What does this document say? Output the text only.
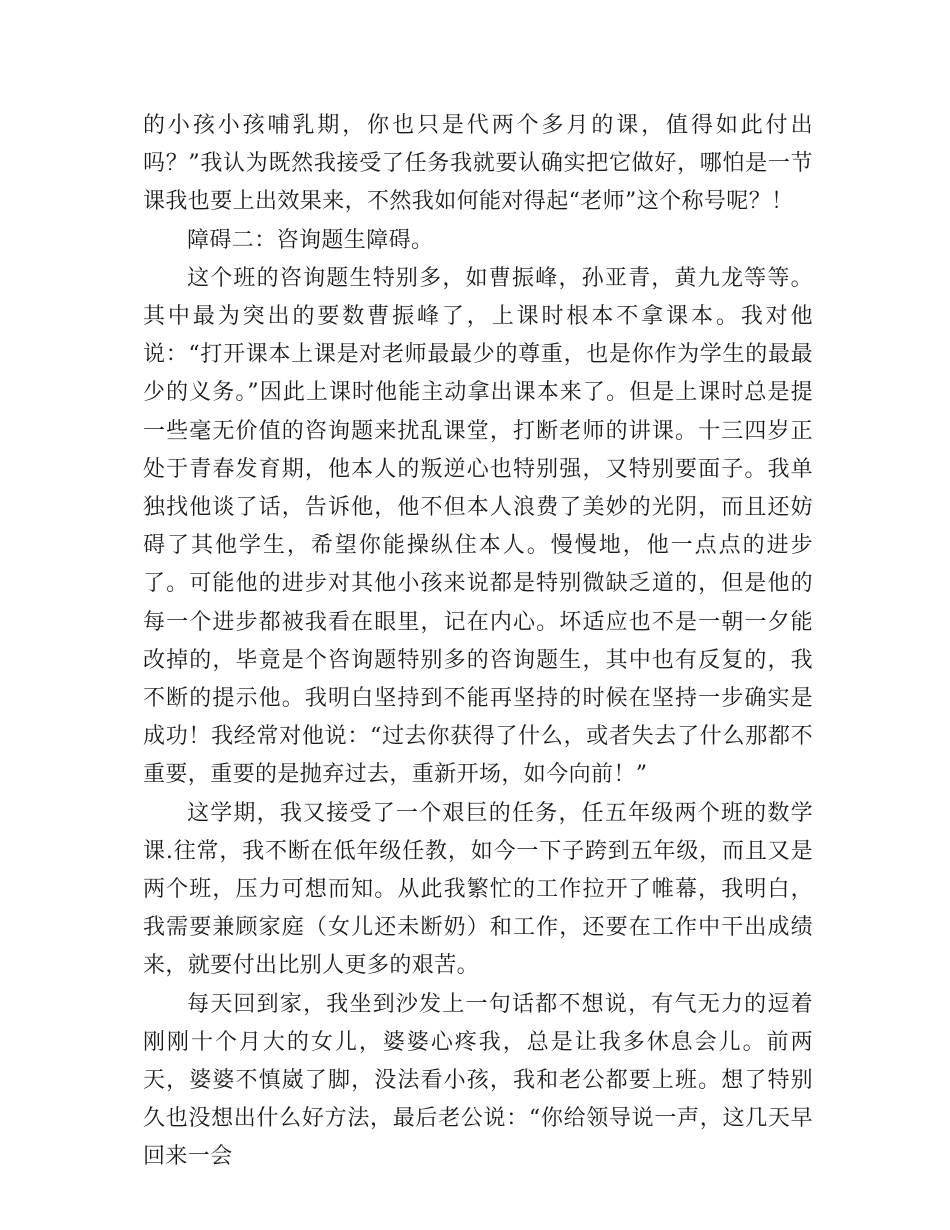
的小孩小孩哺乳期，你也只是代两个多月的课，值得如此付出吗？”我认为既然我接受了任务我就要认确实把它做好，哪怕是一节课我也要上出效果来，不然我如何能对得起“老师”这个称号呢？！

障碍二：咨询题生障碍。

这个班的咨询题生特别多，如曹振峰，孙亚青，黄九龙等等。其中最为突出的要数曹振峰了，上课时根本不拿课本。我对他说：“打开课本上课是对老师最最少的尊重，也是你作为学生的最最少的义务。”因此上课时他能主动拿出课本来了。但是上课时总是提一些毫无价值的咨询题来扰乱课堂，打断老师的讲课。十三四岁正处于青春发育期，他本人的叛逆心也特别强，又特别要面子。我单独找他谈了话，告诉他，他不但本人浪费了美妙的光阴，而且还妨碍了其他学生，希望你能操纵住本人。慢慢地，他一点点的进步了。可能他的进步对其他小孩来说都是特别微缺乏道的，但是他的每一个进步都被我看在眼里，记在内心。坏适应也不是一朝一夕能改掉的，毕竟是个咨询题特别多的咨询题生，其中也有反复的，我不断的提示他。我明白坚持到不能再坚持的时候在坚持一步确实是成功！我经常对他说：“过去你获得了什么，或者失去了什么那都不重要，重要的是抛弃过去，重新开场，如今向前！”

这学期，我又接受了一个艰巨的任务，任五年级两个班的数学课.往常，我不断在低年级任教，如今一下子跨到五年级，而且又是两个班，压力可想而知。从此我繁忙的工作拉开了帷幕，我明白，我需要兼顾家庭（女儿还未断奶）和工作，还要在工作中干出成绩来，就要付出比别人更多的艰苦。

每天回到家，我坐到沙发上一句话都不想说，有气无力的逗着刚刚十个月大的女儿，婆婆心疼我，总是让我多休息会儿。前两天，婆婆不慎崴了脚，没法看小孩，我和老公都要上班。想了特别久也没想出什么好方法，最后老公说：“你给领导说一声，这几天早回来一会
